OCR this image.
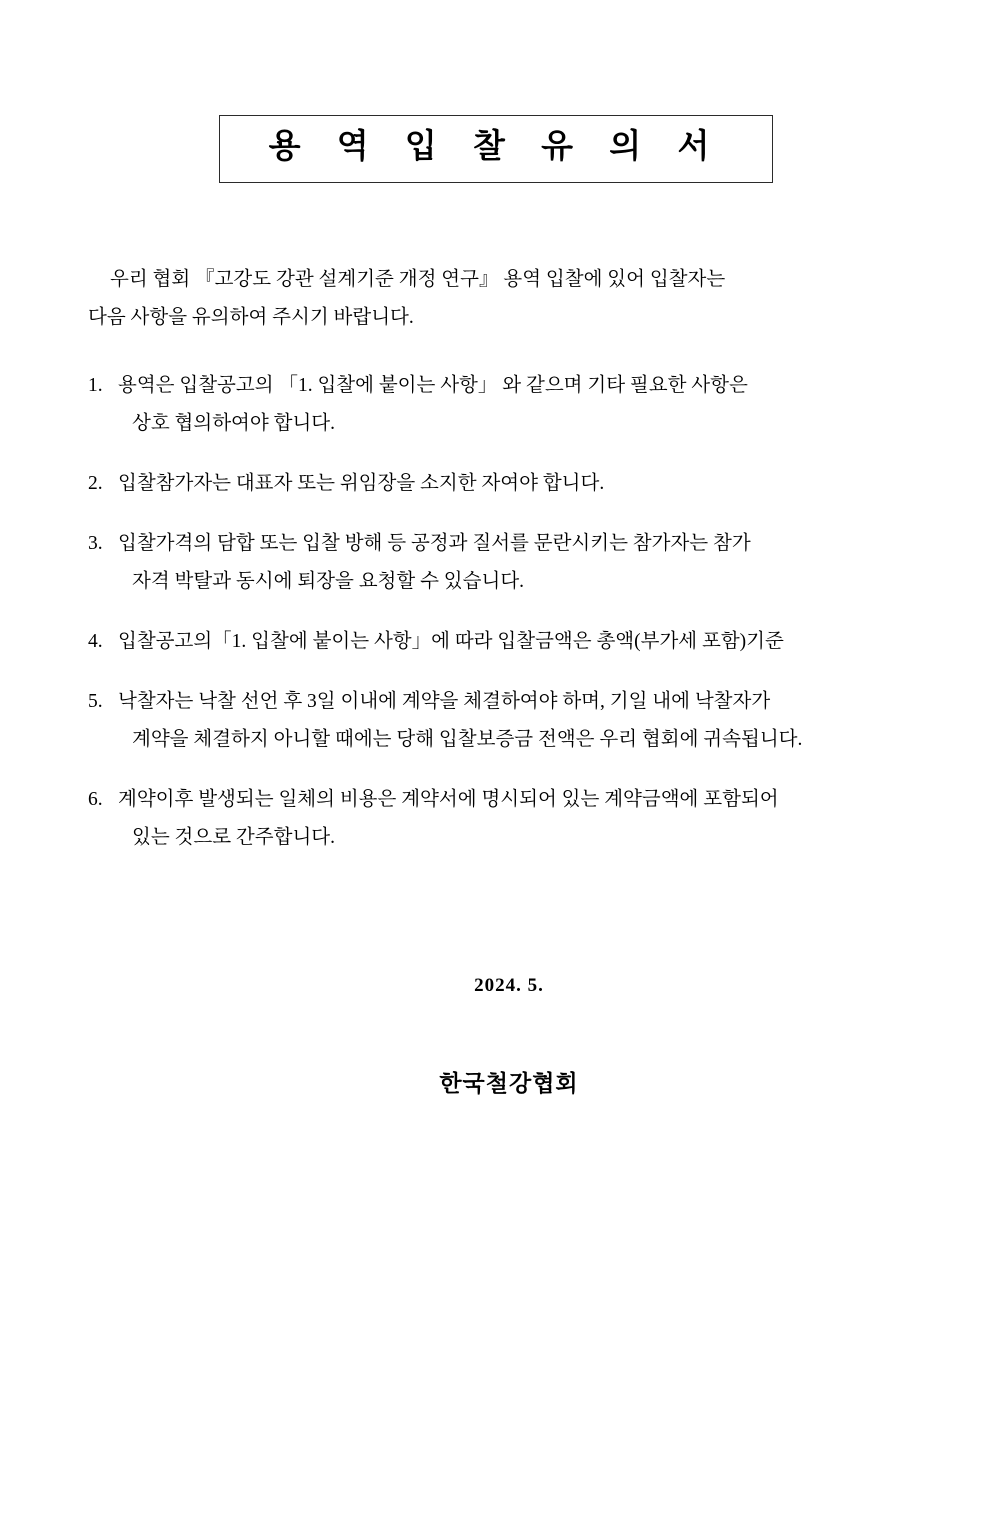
용 역 입 찰 유 의 서
우리 협회 『고강도 강관 설계기준 개정 연구』 용역 입찰에 있어 입찰자는
다음 사항을 유의하여 주시기 바랍니다.
1. 용역은 입찰공고의 「1. 입찰에 붙이는 사항」 와 같으며 기타 필요한 사항은
상호 협의하여야 합니다.
2. 입찰참가자는 대표자 또는 위임장을 소지한 자여야 합니다.
3. 입찰가격의 담합 또는 입찰 방해 등 공정과 질서를 문란시키는 참가자는 참가
자격 박탈과 동시에 퇴장을 요청할 수 있습니다.
4. 입찰공고의「1. 입찰에 붙이는 사항」에 따라 입찰금액은 총액(부가세 포함)기준
5. 낙찰자는 낙찰 선언 후 3일 이내에 계약을 체결하여야 하며, 기일 내에 낙찰자가
계약을 체결하지 아니할 때에는 당해 입찰보증금 전액은 우리 협회에 귀속됩니다.
6. 계약이후 발생되는 일체의 비용은 계약서에 명시되어 있는 계약금액에 포함되어
있는 것으로 간주합니다.
2024. 5.
한국철강협회
